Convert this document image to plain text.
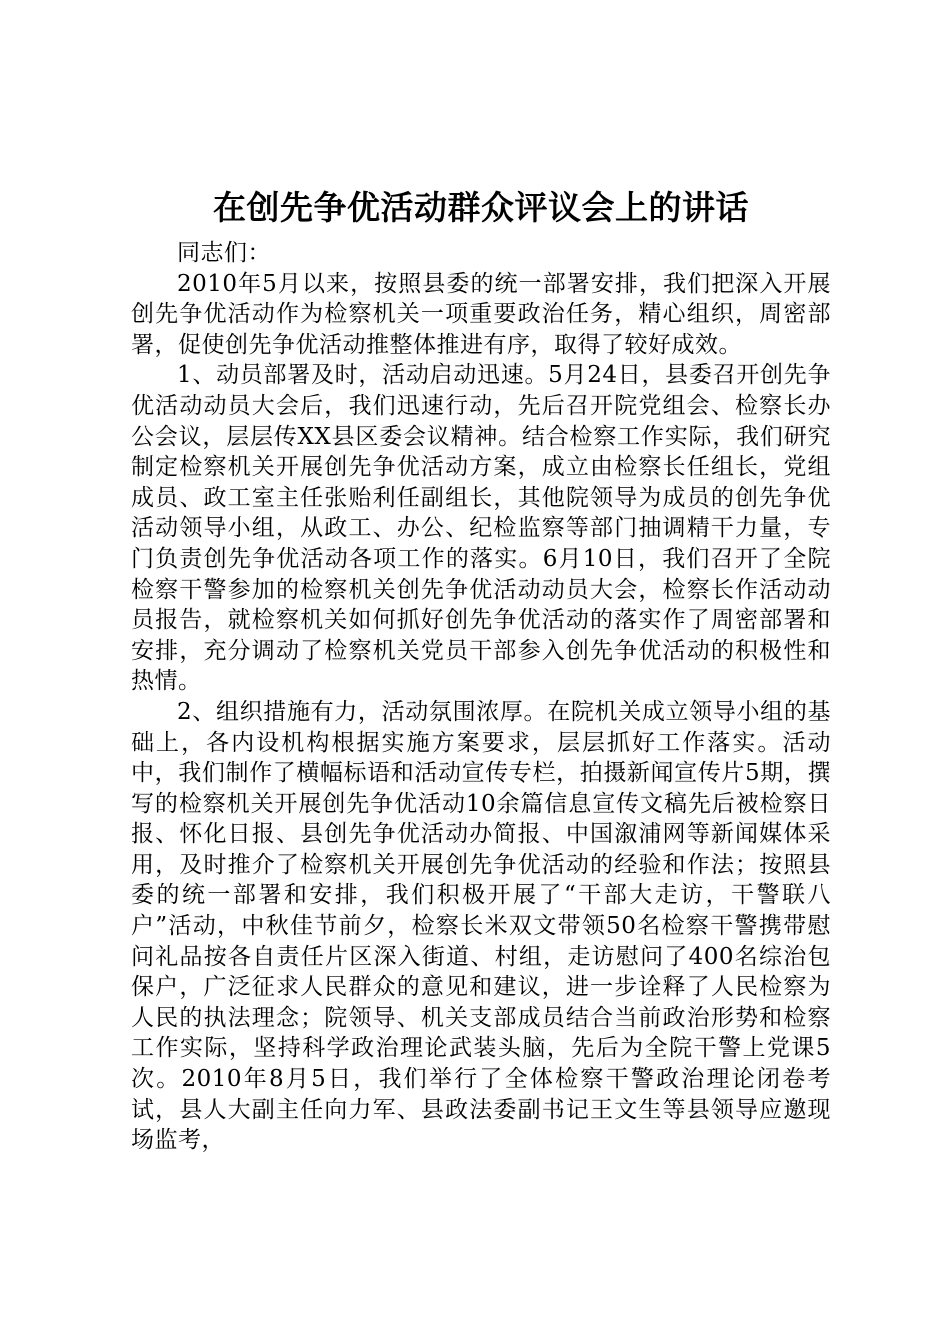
在创先争优活动群众评议会上的讲话

同志们：

2010年5月以来，按照县委的统一部署安排，我们把深入开展创先争优活动作为检察机关一项重要政治任务，精心组织，周密部署，促使创先争优活动推整体推进有序，取得了较好成效。

1、动员部署及时，活动启动迅速。5月24日，县委召开创先争优活动动员大会后，我们迅速行动，先后召开院党组会、检察长办公会议，层层传XX县区委会议精神。结合检察工作实际，我们研究制定检察机关开展创先争优活动方案，成立由检察长任组长，党组成员、政工室主任张贻利任副组长，其他院领导为成员的创先争优活动领导小组，从政工、办公、纪检监察等部门抽调精干力量，专门负责创先争优活动各项工作的落实。6月10日，我们召开了全院检察干警参加的检察机关创先争优活动动员大会，检察长作活动动员报告，就检察机关如何抓好创先争优活动的落实作了周密部署和安排，充分调动了检察机关党员干部参入创先争优活动的积极性和热情。

2、组织措施有力，活动氛围浓厚。在院机关成立领导小组的基础上，各内设机构根据实施方案要求，层层抓好工作落实。活动中，我们制作了横幅标语和活动宣传专栏，拍摄新闻宣传片5期，撰写的检察机关开展创先争优活动10余篇信息宣传文稿先后被检察日报、怀化日报、县创先争优活动办简报、中国溆浦网等新闻媒体采用，及时推介了检察机关开展创先争优活动的经验和作法；按照县委的统一部署和安排，我们积极开展了“干部大走访，干警联八户”活动，中秋佳节前夕，检察长米双文带领50名检察干警携带慰问礼品按各自责任片区深入街道、村组，走访慰问了400名综治包保户，广泛征求人民群众的意见和建议，进一步诠释了人民检察为人民的执法理念；院领导、机关支部成员结合当前政治形势和检察工作实际，坚持科学政治理论武装头脑，先后为全院干警上党课5次。2010年8月5日，我们举行了全体检察干警政治理论闭卷考试，县人大副主任向力军、县政法委副书记王文生等县领导应邀现场监考，
